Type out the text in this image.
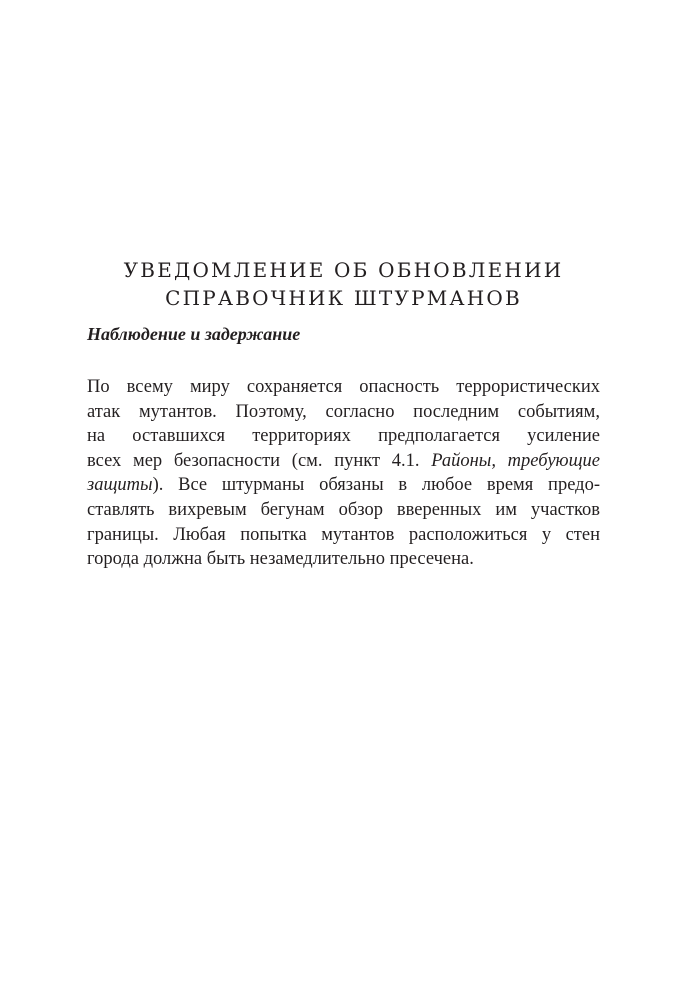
УВЕДОМЛЕНИЕ ОБ ОБНОВЛЕНИИ
СПРАВОЧНИК ШТУРМАНОВ
Наблюдение и задержание
По всему миру сохраняется опасность террористических
атак мутантов. Поэтому, согласно последним событиям,
на оставшихся территориях предполагается усиление
всех мер безопасности (см. пункт 4.1. Районы, требующие
защиты). Все штурманы обязаны в любое время предо-
ставлять вихревым бегунам обзор вверенных им участков
границы. Любая попытка мутантов расположиться у стен
города должна быть незамедлительно пресечена.
